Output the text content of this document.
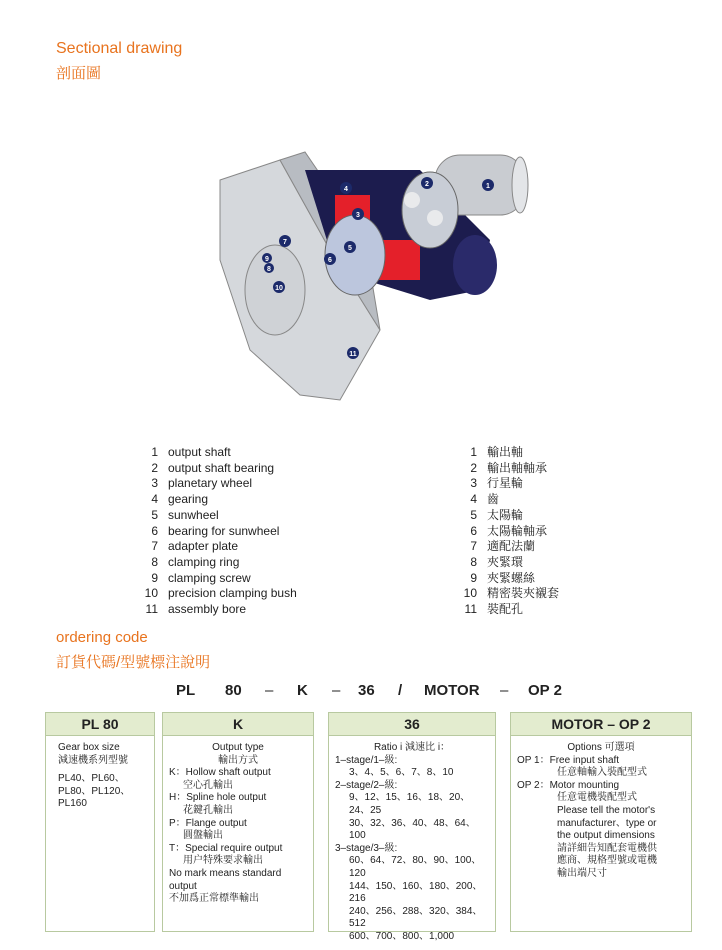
Sectional drawing
剖面圖
1
2
3
4
5
6
7
8
9
10
11
1 output shaft
2 output shaft bearing
3 planetary wheel
4 gearing
5 sunwheel
6 bearing for sunwheel
7 adapter plate
8 clamping ring
9 clamping screw
10 precision clamping bush
11 assembly bore
1 輸出軸
2 輸出軸軸承
3 行星輪
4 齒
5 太陽輪
6 太陽輪軸承
7 適配法蘭
8 夾緊環
9 夾緊螺絲
10 精密裝夾襯套
11 裝配孔
ordering code
訂貨代碼/型號標注說明
PL 80 – K – 36 / MOTOR – OP 2
PL 80
Gear box size
減速機系列型號
PL40、PL60、
PL80、PL120、
PL160
K
Output type
輸出方式
K：Hollow shaft output
空心孔輸出
H：Spline hole output
花鍵孔輸出
P：Flange output
圓盤輸出
T：Special require output
用户特殊要求輸出
No mark means standard
output
不加爲正常標準輸出
36
Ratio i 減速比 i：
1–stage/1–級:
3、4、5、6、7、8、10
2–stage/2–級:
9、12、15、16、18、20、24、25
30、32、36、40、48、64、100
3–stage/3–級:
60、64、72、80、90、100、120
144、150、160、180、200、216
240、256、288、320、384、512
600、700、800、1,000
MOTOR – OP 2
Options 可選項
OP 1：Free input shaft
任意軸輸入裝配型式
OP 2：Motor mounting
任意電機裝配型式
Please tell the motor's
manufacturer、type or
the output dimensions
請詳細告知配套電機供
應商、規格型號或電機
輸出端尺寸
